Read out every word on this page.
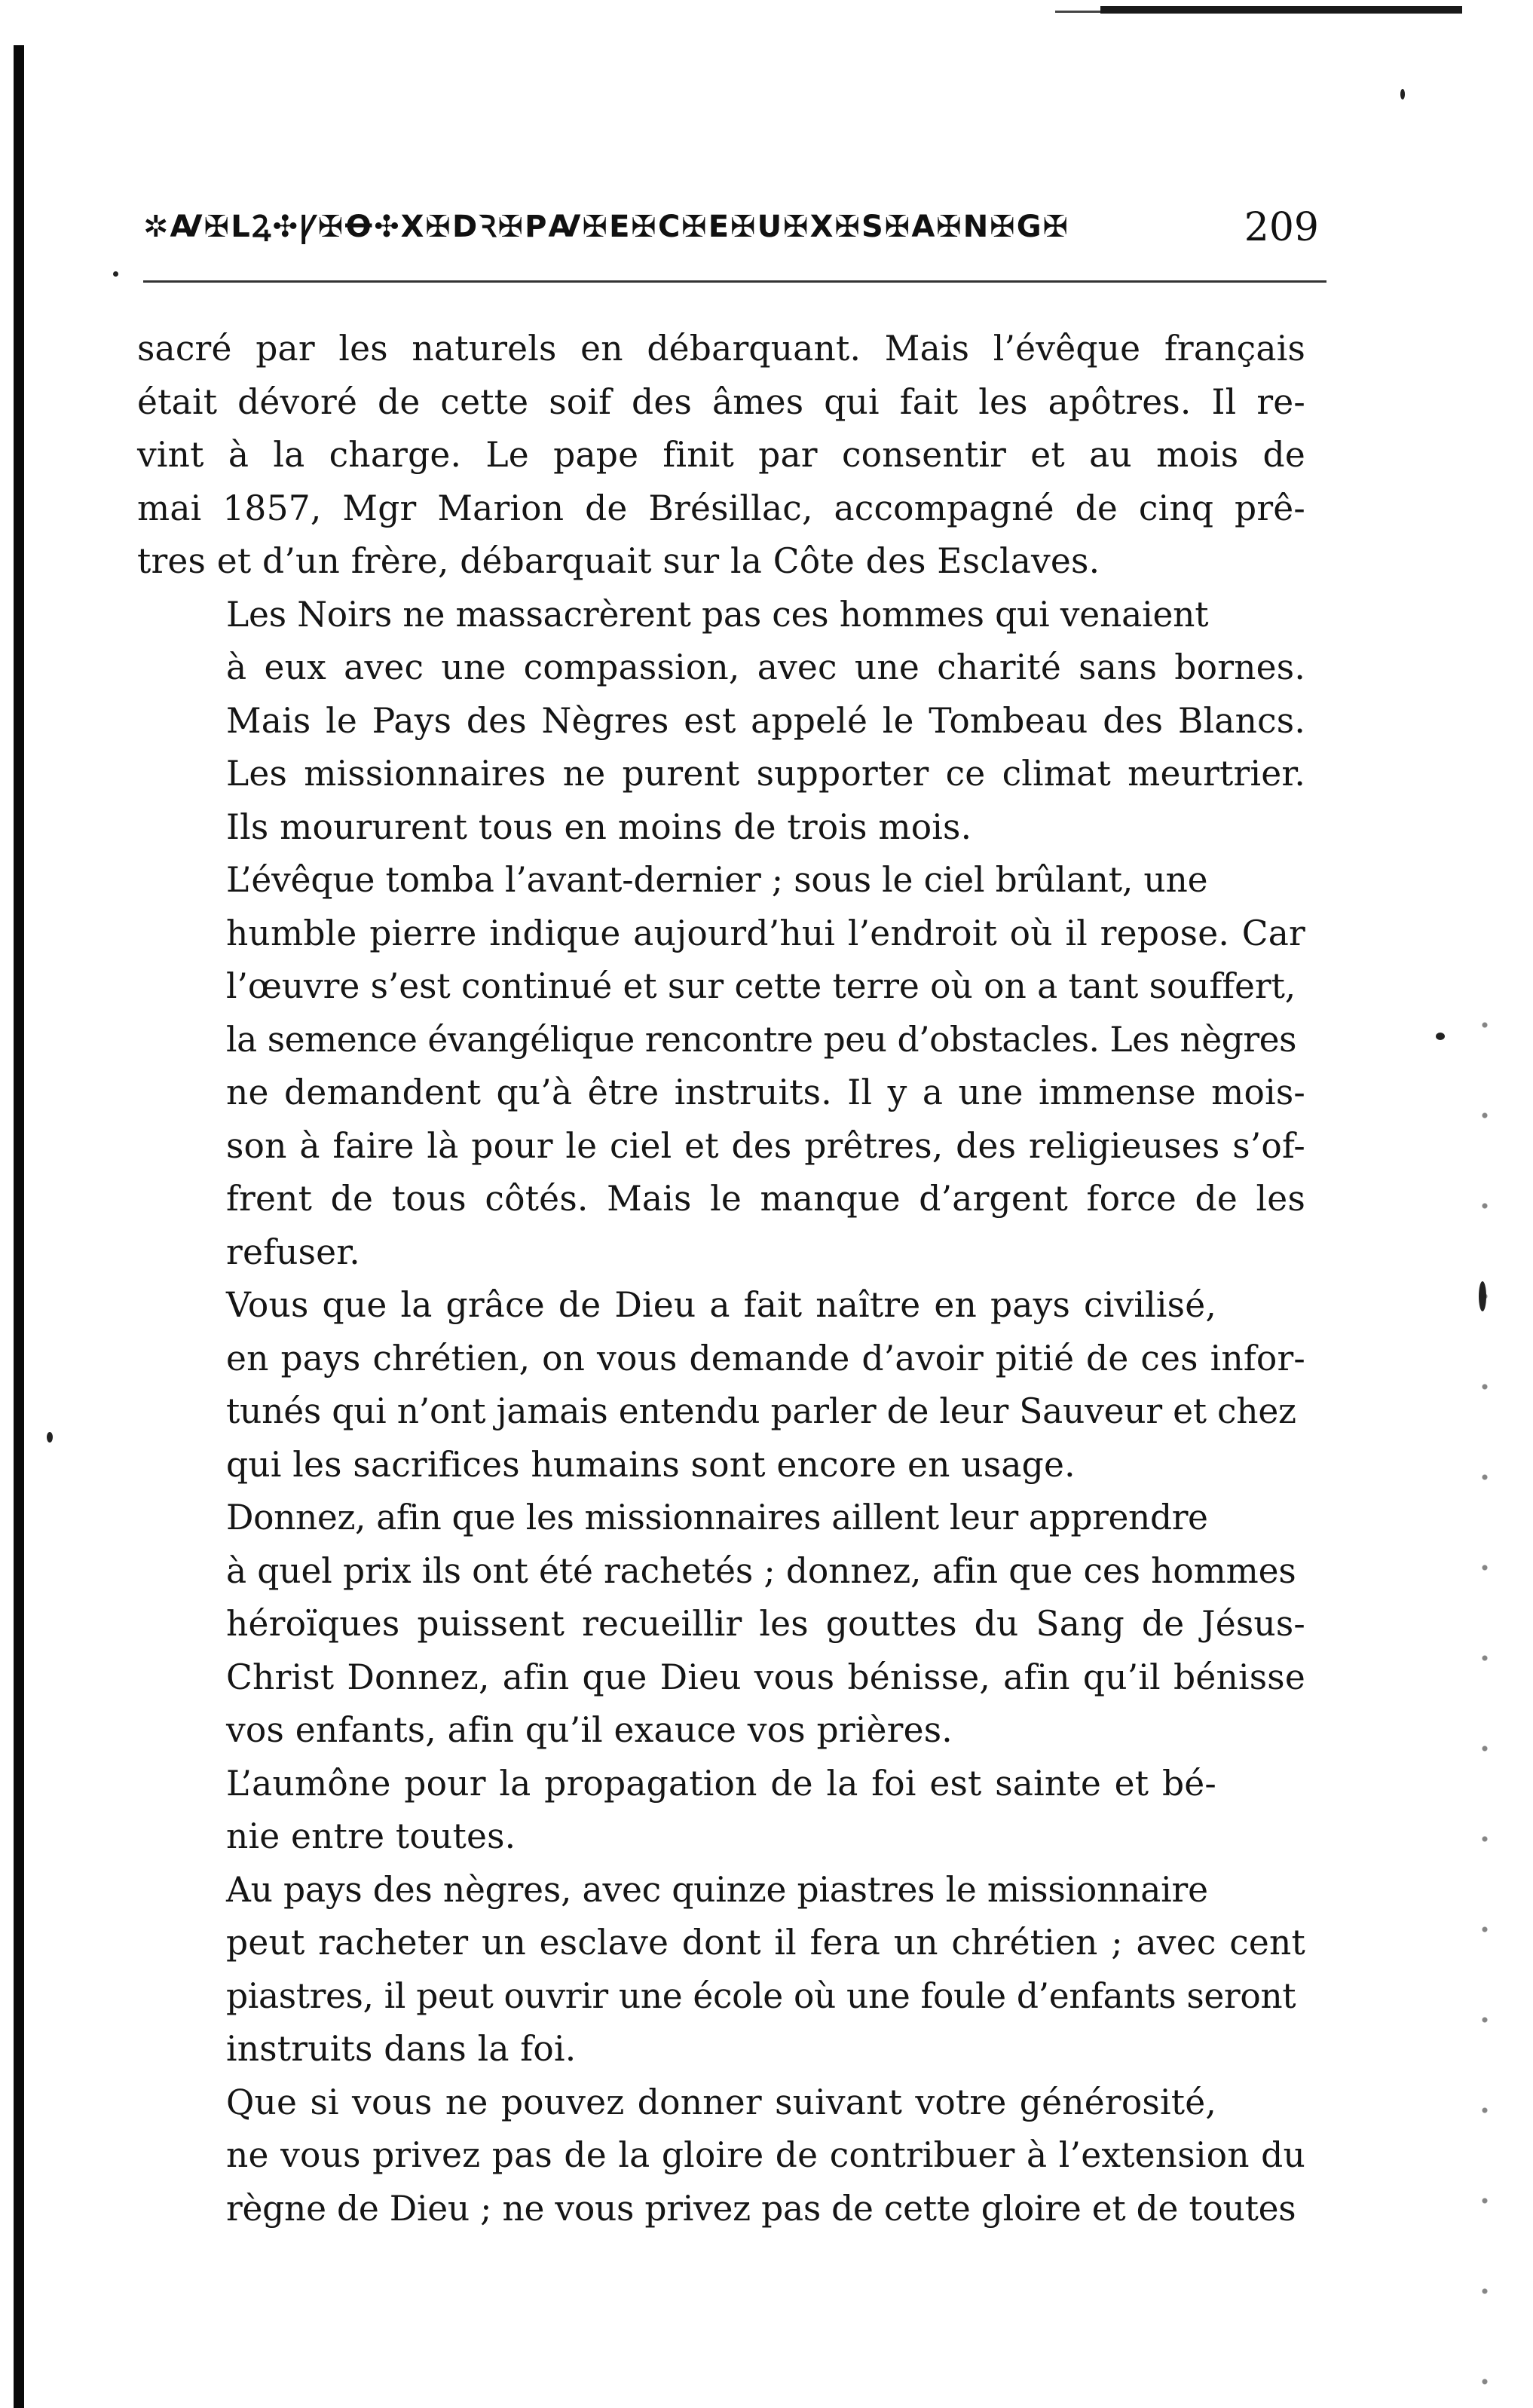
✲Ꜹ✠LꝜ✣Ꝩ✠Ꝋ✣X✠DꝚ✠PꜸ✠E✠C✠E✠U✠X✠S✠A✠N✠G✠	209

sacré par les naturels en débarquant. Mais l’évêque français
était dévoré de cette soif des âmes qui fait les apôtres. Il re-
vint à la charge. Le pape finit par consentir et au mois de
mai 1857, Mgr Marion de Brésillac, accompagné de cinq prê-
tres et d’un frère, débarquait sur la Côte des Esclaves.

Les Noirs ne massacrèrent pas ces hommes qui venaient
à eux avec une compassion, avec une charité sans bornes.
Mais le Pays des Nègres est appelé le Tombeau des Blancs.
Les missionnaires ne purent supporter ce climat meurtrier.
Ils moururent tous en moins de trois mois.

L’évêque tomba l’avant-dernier ; sous le ciel brûlant, une
humble pierre indique aujourd’hui l’endroit où il repose. Car
l’œuvre s’est continué et sur cette terre où on a tant souffert,
la semence évangélique rencontre peu d’obstacles. Les nègres
ne demandent qu’à être instruits. Il y a une immense mois-
son à faire là pour le ciel et des prêtres, des religieuses s’of-
frent de tous côtés. Mais le manque d’argent force de les
refuser.

Vous que la grâce de Dieu a fait naître en pays civilisé,
en pays chrétien, on vous demande d’avoir pitié de ces infor-
tunés qui n’ont jamais entendu parler de leur Sauveur et chez
qui les sacrifices humains sont encore en usage.

Donnez, afin que les missionnaires aillent leur apprendre
à quel prix ils ont été rachetés ; donnez, afin que ces hommes
héroïques puissent recueillir les gouttes du Sang de Jésus-
Christ Donnez, afin que Dieu vous bénisse, afin qu’il bénisse
vos enfants, afin qu’il exauce vos prières.

L’aumône pour la propagation de la foi est sainte et bé-
nie entre toutes.

Au pays des nègres, avec quinze piastres le missionnaire
peut racheter un esclave dont il fera un chrétien ; avec cent
piastres, il peut ouvrir une école où une foule d’enfants seront
instruits dans la foi.

Que si vous ne pouvez donner suivant votre générosité,
ne vous privez pas de la gloire de contribuer à l’extension du
règne de Dieu ; ne vous privez pas de cette gloire et de toutes
